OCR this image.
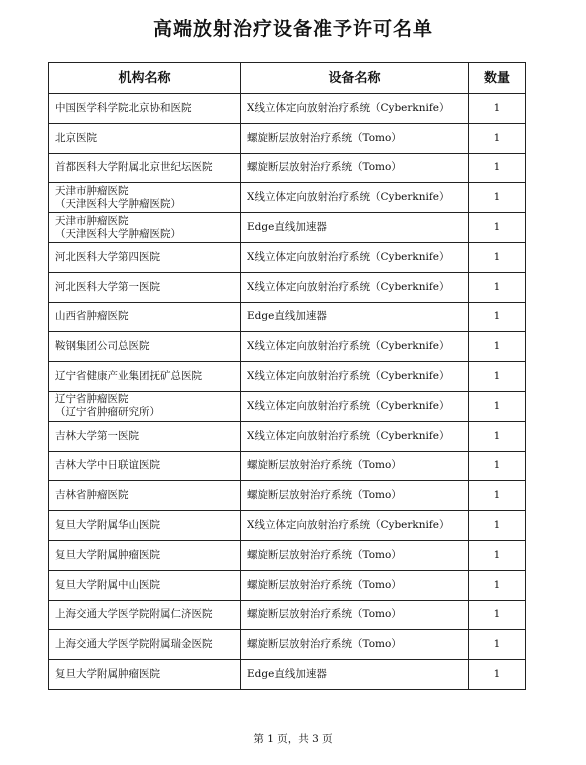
高端放射治疗设备准予许可名单
机构名称	设备名称	数量
中国医学科学院北京协和医院	X线立体定向放射治疗系统（Cyberknife）	1
北京医院	螺旋断层放射治疗系统（Tomo）	1
首都医科大学附属北京世纪坛医院	螺旋断层放射治疗系统（Tomo）	1
天津市肿瘤医院
（天津医科大学肿瘤医院）	X线立体定向放射治疗系统（Cyberknife）	1
天津市肿瘤医院
（天津医科大学肿瘤医院）	Edge直线加速器	1
河北医科大学第四医院	X线立体定向放射治疗系统（Cyberknife）	1
河北医科大学第一医院	X线立体定向放射治疗系统（Cyberknife）	1
山西省肿瘤医院	Edge直线加速器	1
鞍钢集团公司总医院	X线立体定向放射治疗系统（Cyberknife）	1
辽宁省健康产业集团抚矿总医院	X线立体定向放射治疗系统（Cyberknife）	1
辽宁省肿瘤医院
（辽宁省肿瘤研究所）	X线立体定向放射治疗系统（Cyberknife）	1
吉林大学第一医院	X线立体定向放射治疗系统（Cyberknife）	1
吉林大学中日联谊医院	螺旋断层放射治疗系统（Tomo）	1
吉林省肿瘤医院	螺旋断层放射治疗系统（Tomo）	1
复旦大学附属华山医院	X线立体定向放射治疗系统（Cyberknife）	1
复旦大学附属肿瘤医院	螺旋断层放射治疗系统（Tomo）	1
复旦大学附属中山医院	螺旋断层放射治疗系统（Tomo）	1
上海交通大学医学院附属仁济医院	螺旋断层放射治疗系统（Tomo）	1
上海交通大学医学院附属瑞金医院	螺旋断层放射治疗系统（Tomo）	1
复旦大学附属肿瘤医院	Edge直线加速器	1
第 1 页，共 3 页
